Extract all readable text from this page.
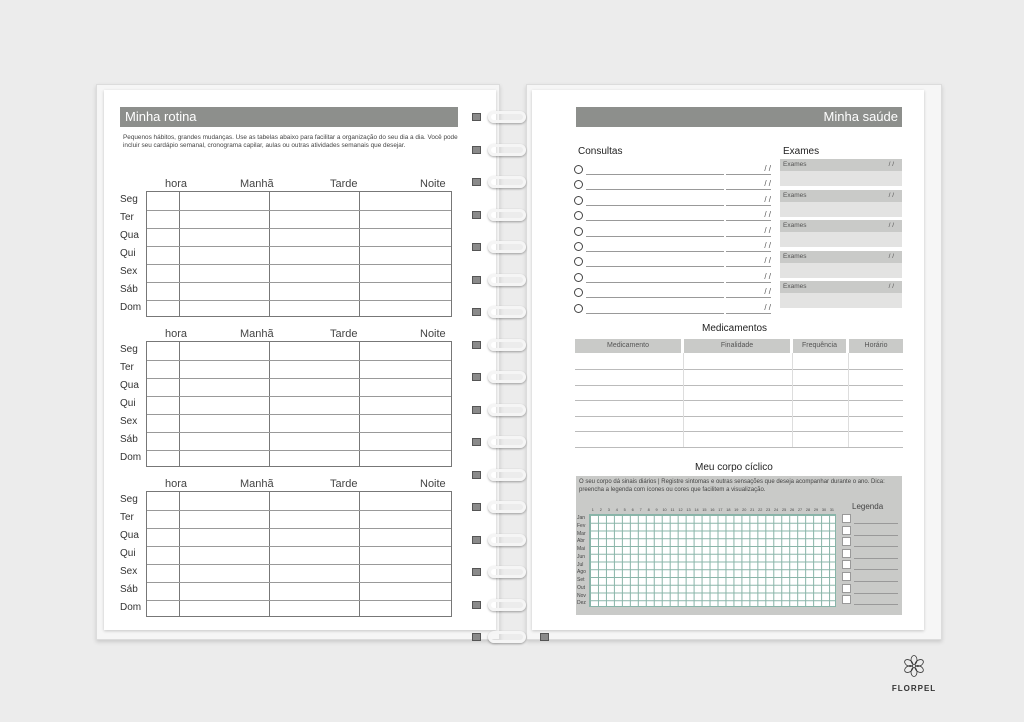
Minha rotina
Pequenos hábitos, grandes mudanças. Use as tabelas abaixo para facilitar a organização do seu dia a dia. Você pode incluir seu cardápio semanal, cronograma capilar, aulas ou outras atividades semanais que desejar.
hora	Manhã	Tarde	Noite
Seg
Ter
Qua
Qui
Sex
Sáb
Dom
hora	Manhã	Tarde	Noite
Seg
Ter
Qua
Qui
Sex
Sáb
Dom
hora	Manhã	Tarde	Noite
Seg
Ter
Qua
Qui
Sex
Sáb
Dom
Minha saúde
Consultas
/ /
/ /
/ /
/ /
/ /
/ /
/ /
/ /
/ /
/ /
Exames
Exames	/ /
Exames	/ /
Exames	/ /
Exames	/ /
Exames	/ /
Medicamentos
Medicamento	Finalidade	Frequência	Horário
Meu corpo cíclico
O seu corpo dá sinais diários | Registre sintomas e outras sensações que deseja acompanhar durante o ano. Dica: preencha a legenda com ícones ou cores que facilitem a visualização.
1	2	3	4	5	6	7	8	9	10	11	12 13 14 15 16 17 18 19 20 21 22 23 24 25 26 27 28 29 30 31
Jan
Fev
Mar
Abr
Mai
Jun
Jul
Ago
Set
Out
Nov
Dez
Legenda
FLORPEL
